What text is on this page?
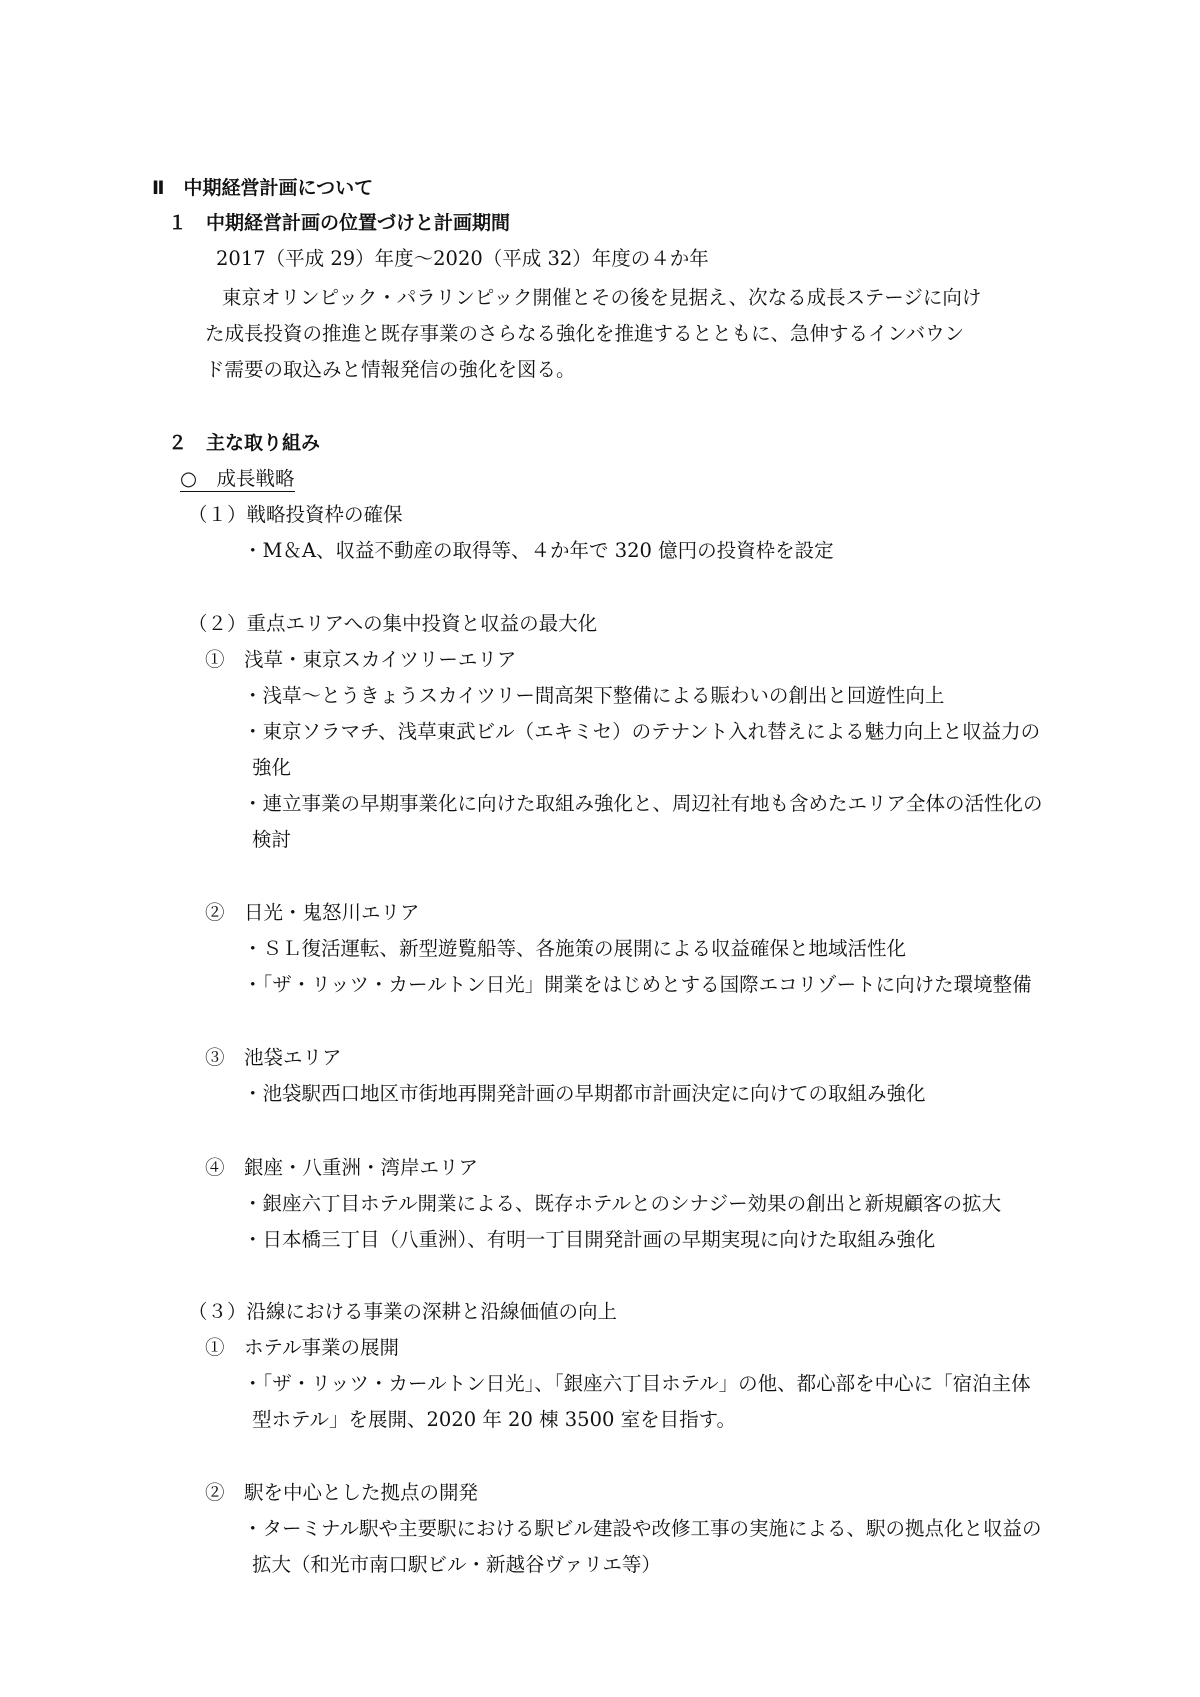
Ⅱ　中期経営計画について
１　中期経営計画の位置づけと計画期間
2017（平成 29）年度～2020（平成 32）年度の４か年
東京オリンピック・パラリンピック開催とその後を見据え、次なる成長ステージに向け
た成長投資の推進と既存事業のさらなる強化を推進するとともに、急伸するインバウン
ド需要の取込みと情報発信の強化を図る。
２　主な取り組み
○　成長戦略
（１）戦略投資枠の確保
・M＆A、収益不動産の取得等、４か年で 320 億円の投資枠を設定
（２）重点エリアへの集中投資と収益の最大化
①　浅草・東京スカイツリーエリア
・浅草～とうきょうスカイツリー間高架下整備による賑わいの創出と回遊性向上
・東京ソラマチ、浅草東武ビル（エキミセ）のテナント入れ替えによる魅力向上と収益力の
強化
・連立事業の早期事業化に向けた取組み強化と、周辺社有地も含めたエリア全体の活性化の
検討
②　日光・鬼怒川エリア
・ＳＬ復活運転、新型遊覧船等、各施策の展開による収益確保と地域活性化
・「ザ・リッツ・カールトン日光」開業をはじめとする国際エコリゾートに向けた環境整備
③　池袋エリア
・池袋駅西口地区市街地再開発計画の早期都市計画決定に向けての取組み強化
④　銀座・八重洲・湾岸エリア
・銀座六丁目ホテル開業による、既存ホテルとのシナジー効果の創出と新規顧客の拡大
・日本橋三丁目（八重洲）、有明一丁目開発計画の早期実現に向けた取組み強化
（３）沿線における事業の深耕と沿線価値の向上
①　ホテル事業の展開
・「ザ・リッツ・カールトン日光」、「銀座六丁目ホテル」の他、都心部を中心に「宿泊主体
型ホテル」を展開、2020 年 20 棟 3500 室を目指す。
②　駅を中心とした拠点の開発
・ターミナル駅や主要駅における駅ビル建設や改修工事の実施による、駅の拠点化と収益の
拡大（和光市南口駅ビル・新越谷ヴァリエ等）
